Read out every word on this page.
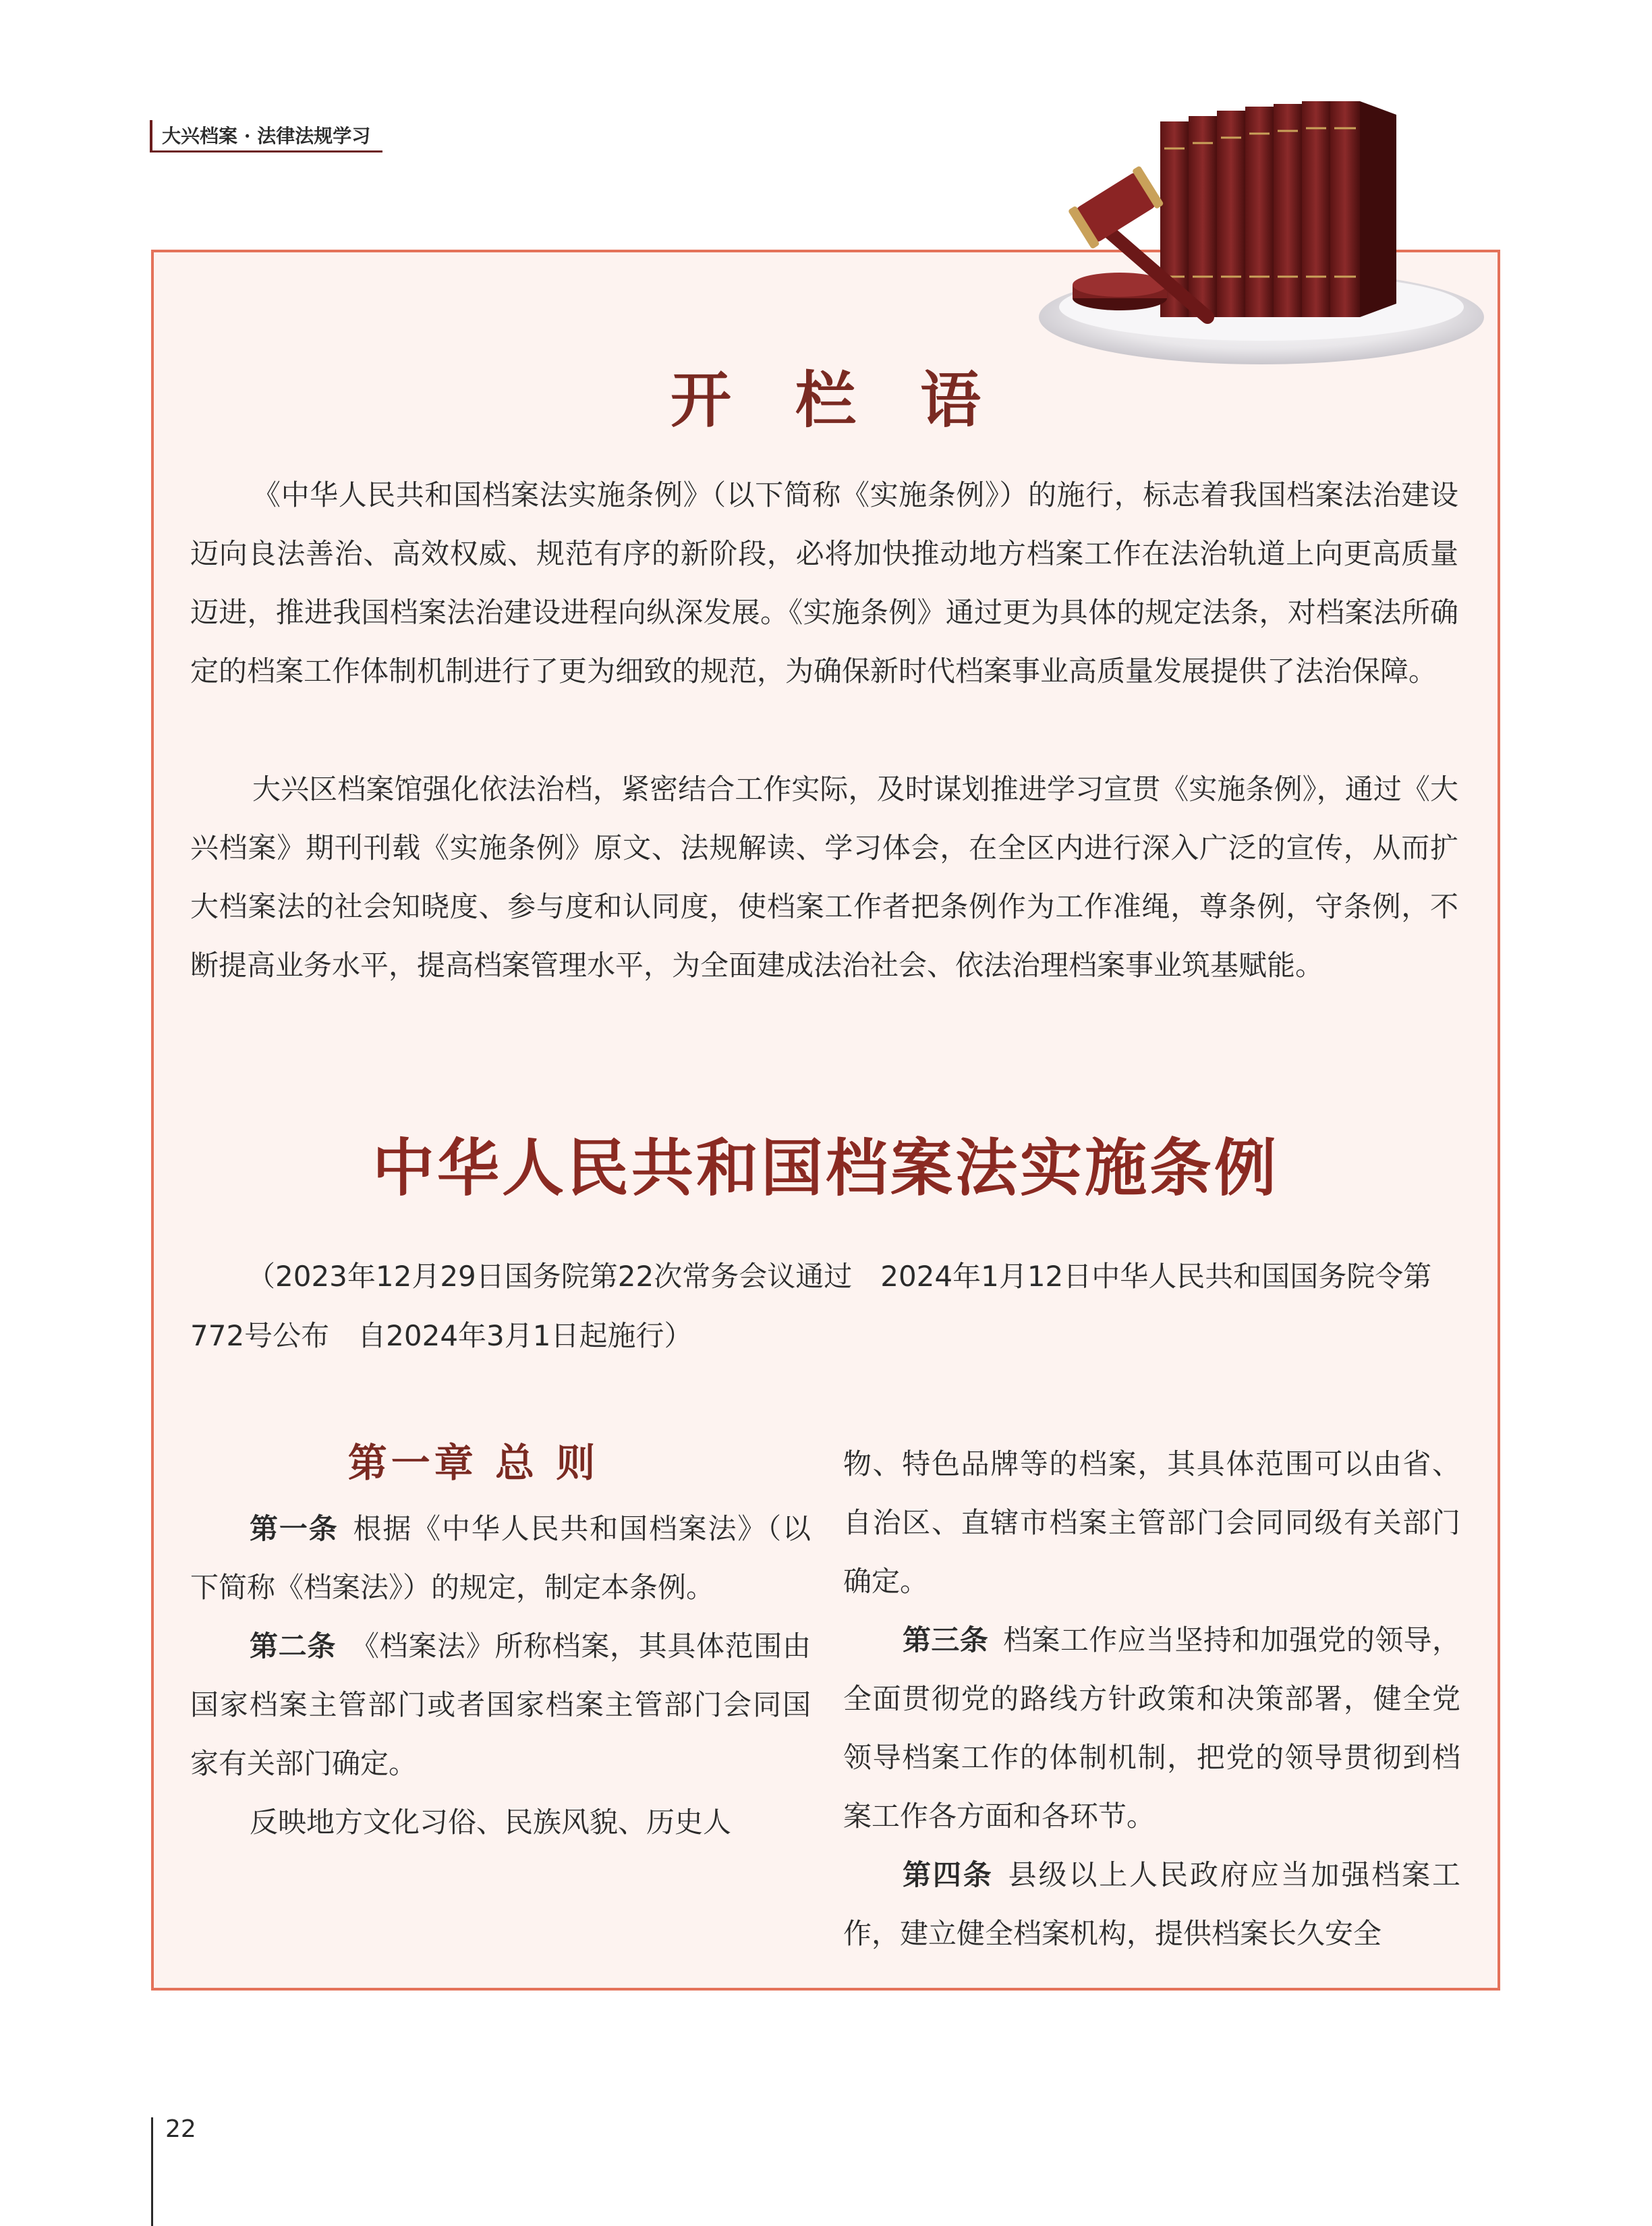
大兴档案 · 法律法规学习
开栏语

《中华人民共和国档案法实施条例》（以下简称《实施条例》）的施行，标志着我国档案法治建设迈向良法善治、高效权威、规范有序的新阶段，必将加快推动地方档案工作在法治轨道上向更高质量迈进，推进我国档案法治建设进程向纵深发展。《实施条例》通过更为具体的规定法条，对档案法所确定的档案工作体制机制进行了更为细致的规范，为确保新时代档案事业高质量发展提供了法治保障。

大兴区档案馆强化依法治档，紧密结合工作实际，及时谋划推进学习宣贯《实施条例》，通过《大兴档案》期刊刊载《实施条例》原文、法规解读、学习体会，在全区内进行深入广泛的宣传，从而扩大档案法的社会知晓度、参与度和认同度，使档案工作者把条例作为工作准绳，尊条例，守条例，不断提高业务水平，提高档案管理水平，为全面建成法治社会、依法治理档案事业筑基赋能。

中华人民共和国档案法实施条例

（2023年12月29日国务院第22次常务会议通过　2024年1月12日中华人民共和国国务院令第772号公布　自2024年3月1日起施行）

第一章 总 则

第一条 根据《中华人民共和国档案法》（以下简称《档案法》）的规定，制定本条例。

第二条 《档案法》所称档案，其具体范围由国家档案主管部门或者国家档案主管部门会同国家有关部门确定。

反映地方文化习俗、民族风貌、历史人

物、特色品牌等的档案，其具体范围可以由省、自治区、直辖市档案主管部门会同同级有关部门确定。

第三条 档案工作应当坚持和加强党的领导，全面贯彻党的路线方针政策和决策部署，健全党领导档案工作的体制机制，把党的领导贯彻到档案工作各方面和各环节。

第四条 县级以上人民政府应当加强档案工作，建立健全档案机构，提供档案长久安全

22
